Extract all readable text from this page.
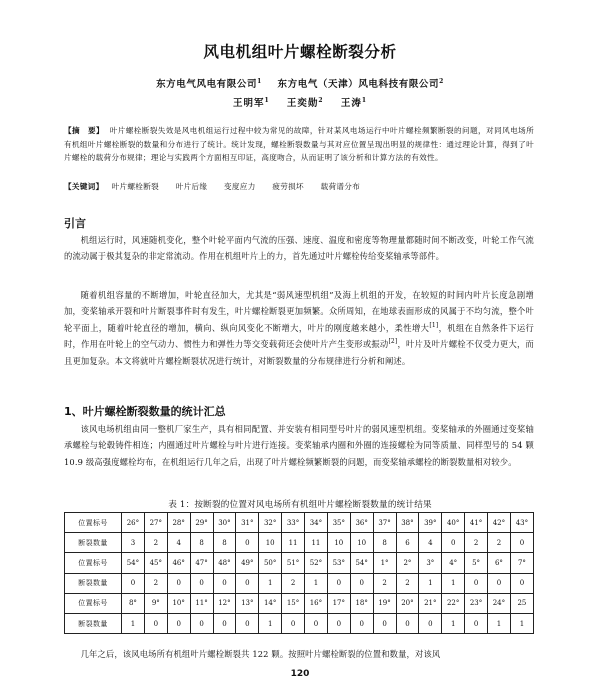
风电机组叶片螺栓断裂分析
东方电气风电有限公司$^1$ 东方电气（天津）风电科技有限公司$^2$
王明军$^1$ 王奕勋$^2$ 王涛$^1$
【摘　要】 叶片螺栓断裂失效是风电机组运行过程中较为常见的故障，针对某风电场运行中叶片螺栓频繁断裂的问题，对同风电场所有机组叶片螺栓断裂的数量和分布进行了统计。统计发现，螺栓断裂数量与其对应位置呈现出明显的规律性：通过理论计算，得到了叶片螺栓的载荷分布规律；理论与实践两个方面相互印证，高度吻合，从而证明了该分析和计算方法的有效性。
【关键词】 叶片螺栓断裂 叶片后缘 变度应力 疲劳损坏 载荷谱分布
引言
机组运行时，风速随机变化，整个叶轮平面内气流的压强、速度、温度和密度等物理量都随时间不断改变，叶轮工作气流的流动属于极其复杂的非定常流动。作用在机组叶片上的力，首先通过叶片螺栓传给变桨轴承等部件。
随着机组容量的不断增加，叶轮直径加大，尤其是“弱风速型机组”及海上机组的开发，在较短的时间内叶片长度急剧增加，变桨轴承开裂和叶片断裂事件时有发生，叶片螺栓断裂更加频繁。众所周知，在地球表面形成的风属于不均匀流，整个叶轮平面上，随着叶轮直径的增加，横向、纵向风变化不断增大，叶片的刚度越来越小，柔性增大[1]，机组在自然条件下运行时，作用在叶轮上的空气动力、惯性力和弹性力等交变载荷还会使叶片产生变形或振动[2]，叶片及叶片螺栓不仅受力更大，而且更加复杂。本文将就叶片螺栓断裂状况进行统计，对断裂数量的分布规律进行分析和阐述。
1、叶片螺栓断裂数量的统计汇总
该风电场机组由同一整机厂家生产，具有相同配置、并安装有相同型号叶片的弱风速型机组。变桨轴承的外圈通过变桨轴承螺栓与轮毂铸件相连；内圈通过叶片螺栓与叶片进行连接。变桨轴承内圈和外圈的连接螺栓为同等质量、同样型号的 54 颗 10.9 级高强度螺栓均布，在机组运行几年之后，出现了叶片螺栓频繁断裂的问题，而变桨轴承螺栓的断裂数量相对较少。
表 1：按断裂的位置对风电场所有机组叶片螺栓断裂数量的统计结果
位置标号	26°	27°	28°	29°	30°	31°	32°	33°	34°	35°	36°	37°	38°	39°	40°	41°	42°	43°
断裂数量	3	2	4	8	8	0	10	11	11	10	10	8	6	4	0	2	2	0
位置标号	54°	45°	46°	47°	48°	49°	50°	51°	52°	53°	54°	1°	2°	3°	4°	5°	6°	7°
断裂数量	0	2	0	0	0	0	1	2	1	0	0	2	2	1	1	0	0	0
位置标号	8°	9°	10°	11°	12°	13°	14°	15°	16°	17°	18°	19°	20°	21°	22°	23°	24°	25
断裂数量	1	0	0	0	0	0	1	0	0	0	0	0	0	0	1	0	1	1
几年之后，该风电场所有机组叶片螺栓断裂共 122 颗。按照叶片螺栓断裂的位置和数量，对该风
120
